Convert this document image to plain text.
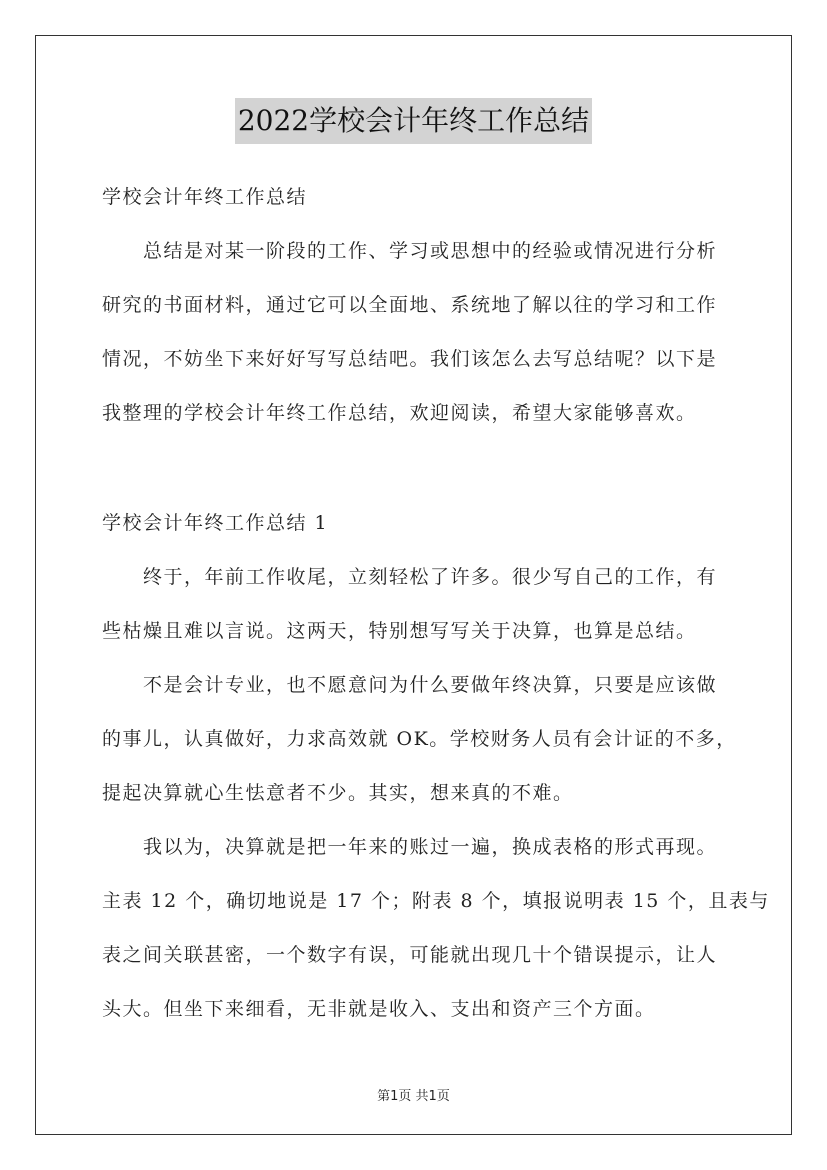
2022学校会计年终工作总结
学校会计年终工作总结
总结是对某一阶段的工作、学习或思想中的经验或情况进行分析
研究的书面材料，通过它可以全面地、系统地了解以往的学习和工作
情况，不妨坐下来好好写写总结吧。我们该怎么去写总结呢？以下是
我整理的学校会计年终工作总结，欢迎阅读，希望大家能够喜欢。
学校会计年终工作总结 1
终于，年前工作收尾，立刻轻松了许多。很少写自己的工作，有
些枯燥且难以言说。这两天，特别想写写关于决算，也算是总结。
不是会计专业，也不愿意问为什么要做年终决算，只要是应该做
的事儿，认真做好，力求高效就 OK。学校财务人员有会计证的不多，
提起决算就心生怯意者不少。其实，想来真的不难。
我以为，决算就是把一年来的账过一遍，换成表格的形式再现。
主表 12 个，确切地说是 17 个；附表 8 个，填报说明表 15 个，且表与
表之间关联甚密，一个数字有误，可能就出现几十个错误提示，让人
头大。但坐下来细看，无非就是收入、支出和资产三个方面。
第1页 共1页
